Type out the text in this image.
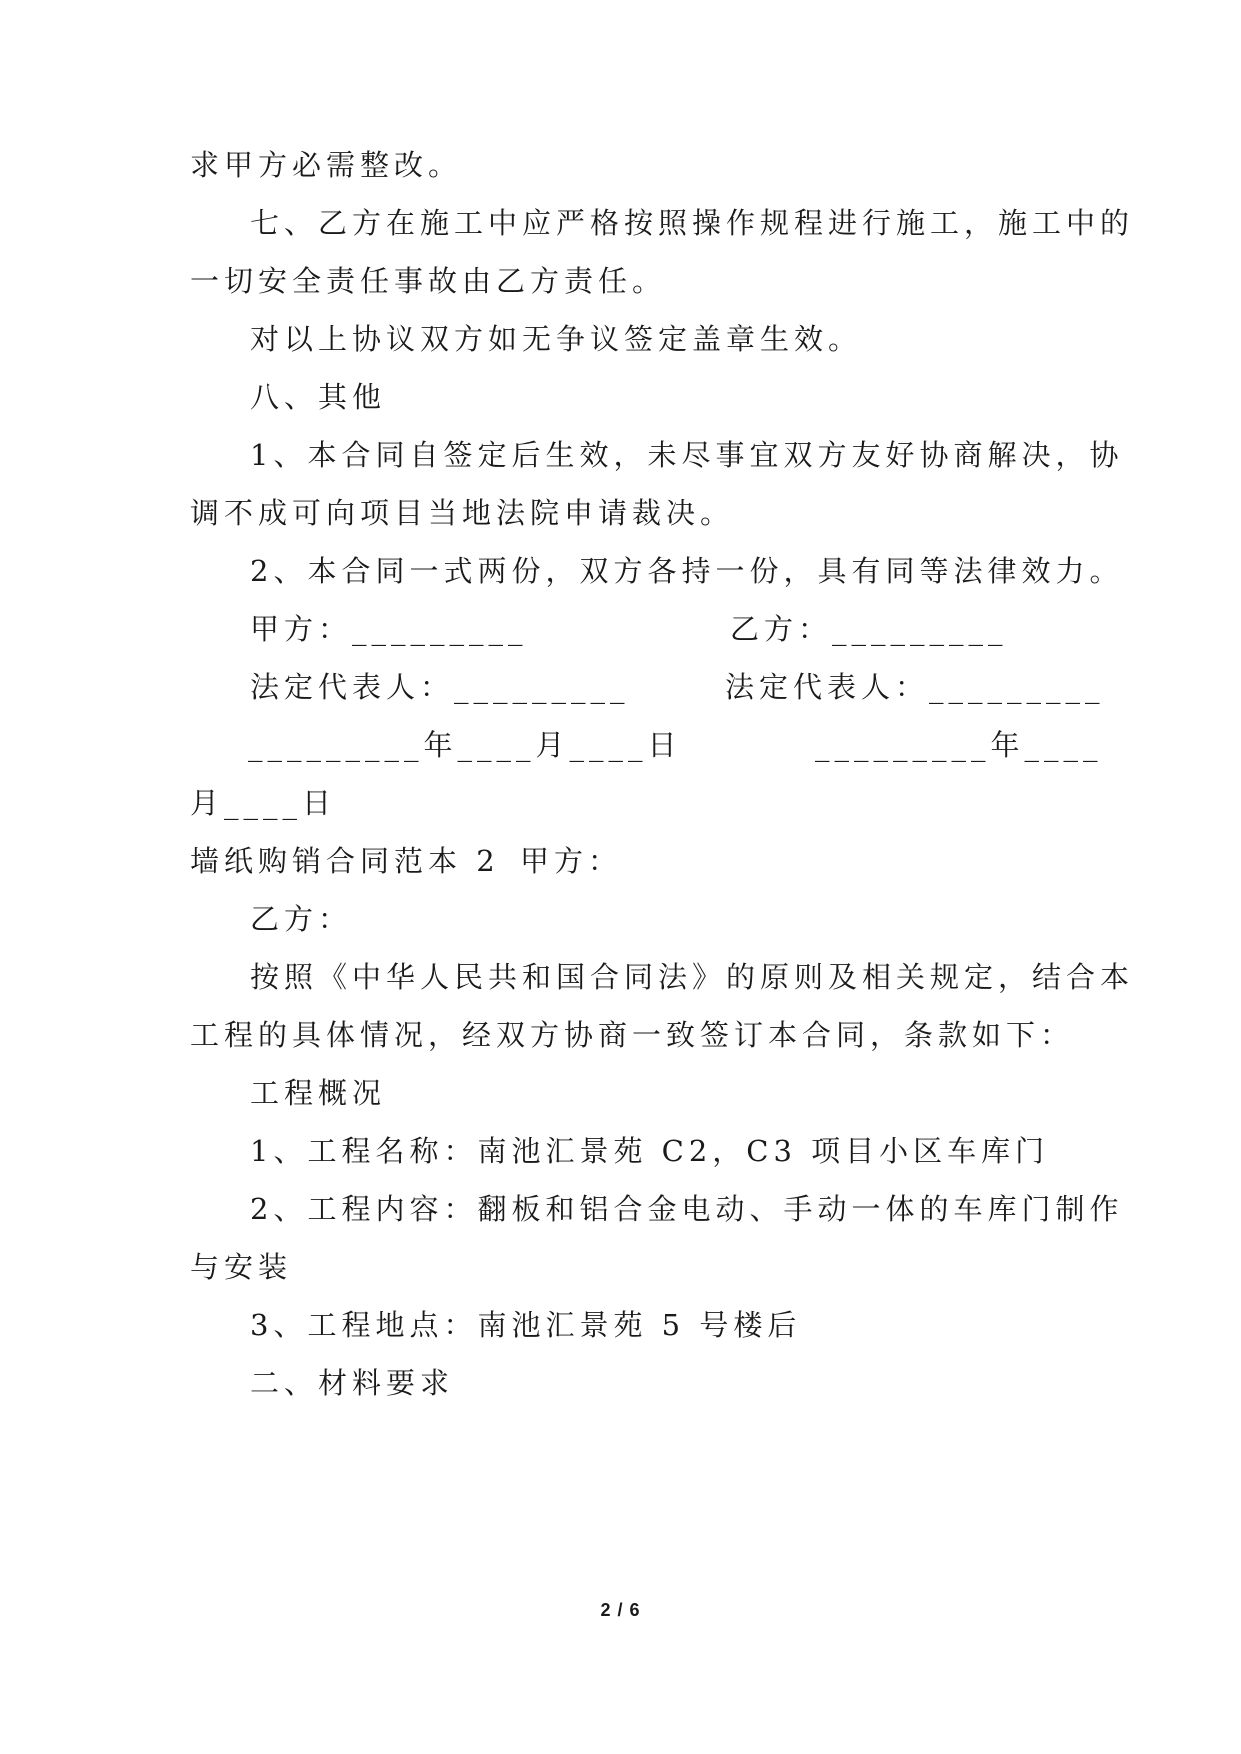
求甲方必需整改。
七、乙方在施工中应严格按照操作规程进行施工，施工中的
一切安全责任事故由乙方责任。
对以上协议双方如无争议签定盖章生效。
八、其他
1、本合同自签定后生效，未尽事宜双方友好协商解决，协
调不成可向项目当地法院申请裁决。
2、本合同一式两份，双方各持一份，具有同等法律效力。
甲方：_________	乙方：_________
法定代表人：_________	法定代表人：_________
_________年____月____日	_________年____
月____日
墙纸购销合同范本 2 甲方：
乙方：
按照《中华人民共和国合同法》的原则及相关规定，结合本
工程的具体情况，经双方协商一致签订本合同，条款如下：
工程概况
1、工程名称：南池汇景苑 C2，C3 项目小区车库门
2、工程内容：翻板和铝合金电动、手动一体的车库门制作
与安装
3、工程地点：南池汇景苑 5 号楼后
二、材料要求
2 / 6
